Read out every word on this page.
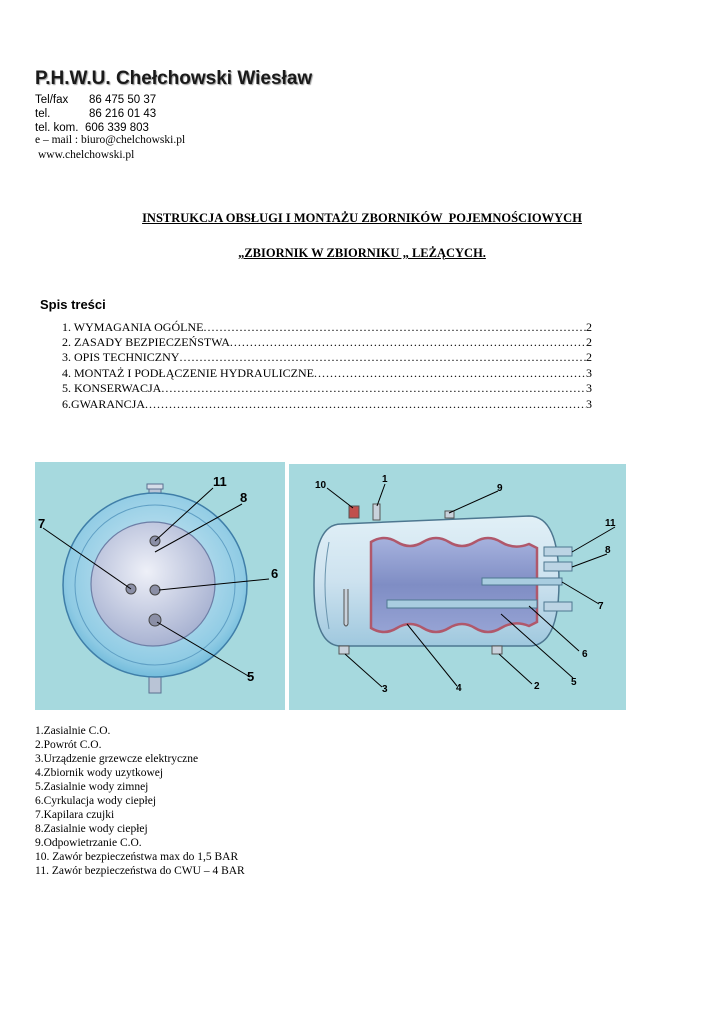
P.H.W.U. Chełchowski Wiesław
Tel/fax 86 475 50 37
tel.	86 216 01 43
tel. kom. 606 339 803
e – mail : biuro@chelchowski.pl
www.chelchowski.pl
INSTRUKCJA OBSŁUGI I MONTAŻU ZBORNIKÓW  POJEMNOŚCIOWYCH
„ZBIORNIK W ZBIORNIKU „ LEŻĄCYCH.
Spis treści
1. WYMAGANIA OGÓLNE .....	2
2. ZASADY BEZPIECZEŃSTWA .....	2
3. OPIS TECHNICZNY .....	2
4. MONTAŻ I PODŁĄCZENIE HYDRAULICZNE .....	3
5. KONSERWACJA .....	3
6.GWARANCJA .....	3
11
8
7
6
5
10
1
9
11
8
7
6
5
2
4
3
1.Zasialnie C.O.
2.Powrót C.O.
3.Urządzenie grzewcze elektryczne
4.Zbiornik wody uzytkowej
5.Zasialnie wody zimnej
6.Cyrkulacja wody ciepłej
7.Kapilara czujki
8.Zasialnie wody ciepłej
9.Odpowietrzanie C.O.
10. Zawór bezpieczeństwa max do 1,5 BAR
11. Zawór bezpieczeństwa do CWU – 4 BAR
